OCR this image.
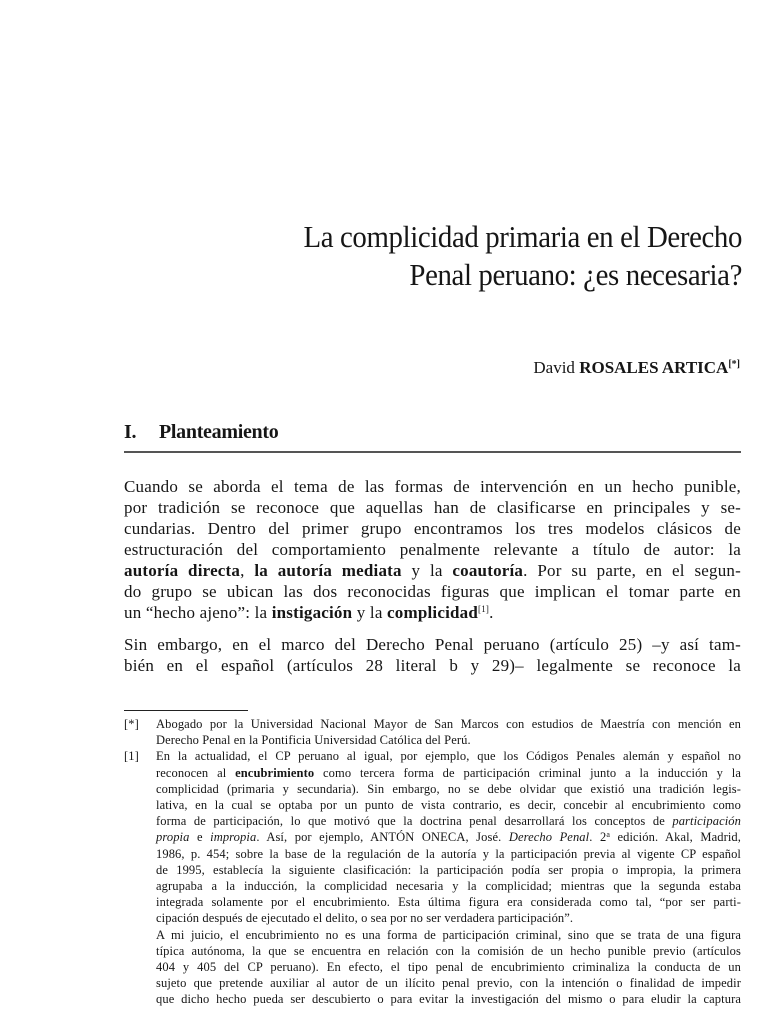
La complicidad primaria en el Derecho
Penal peruano: ¿es necesaria?
David ROSALES ARTICA[*]
I. Planteamiento

Cuando se aborda el tema de las formas de intervención en un hecho punible,
por tradición se reconoce que aquellas han de clasificarse en principales y se-
cundarias. Dentro del primer grupo encontramos los tres modelos clásicos de
estructuración del comportamiento penalmente relevante a título de autor: la
autoría directa, la autoría mediata y la coautoría. Por su parte, en el segun-
do grupo se ubican las dos reconocidas figuras que implican el tomar parte en
un “hecho ajeno”: la instigación y la complicidad[1].

Sin embargo, en el marco del Derecho Penal peruano (artículo 25) –y así tam-
bién en el español (artículos 28 literal b y 29)– legalmente se reconoce la

[*] Abogado por la Universidad Nacional Mayor de San Marcos con estudios de Maestría con mención en
Derecho Penal en la Pontificia Universidad Católica del Perú.
[1] En la actualidad, el CP peruano al igual, por ejemplo, que los Códigos Penales alemán y español no
reconocen al encubrimiento como tercera forma de participación criminal junto a la inducción y la
complicidad (primaria y secundaria). Sin embargo, no se debe olvidar que existió una tradición legis-
lativa, en la cual se optaba por un punto de vista contrario, es decir, concebir al encubrimiento como
forma de participación, lo que motivó que la doctrina penal desarrollará los conceptos de participación
propia e impropia. Así, por ejemplo, ANTÓN ONECA, José. Derecho Penal. 2$^a$ edición. Akal, Madrid,
1986, p. 454; sobre la base de la regulación de la autoría y la participación previa al vigente CP español
de 1995, establecía la siguiente clasificación: la participación podía ser propia o impropia, la primera
agrupaba a la inducción, la complicidad necesaria y la complicidad; mientras que la segunda estaba
integrada solamente por el encubrimiento. Esta última figura era considerada como tal, “por ser parti-
cipación después de ejecutado el delito, o sea por no ser verdadera participación”.
A mi juicio, el encubrimiento no es una forma de participación criminal, sino que se trata de una figura
típica autónoma, la que se encuentra en relación con la comisión de un hecho punible previo (artículos
404 y 405 del CP peruano). En efecto, el tipo penal de encubrimiento criminaliza la conducta de un
sujeto que pretende auxiliar al autor de un ilícito penal previo, con la intención o finalidad de impedir
que dicho hecho pueda ser descubierto o para evitar la investigación del mismo o para eludir la captura
